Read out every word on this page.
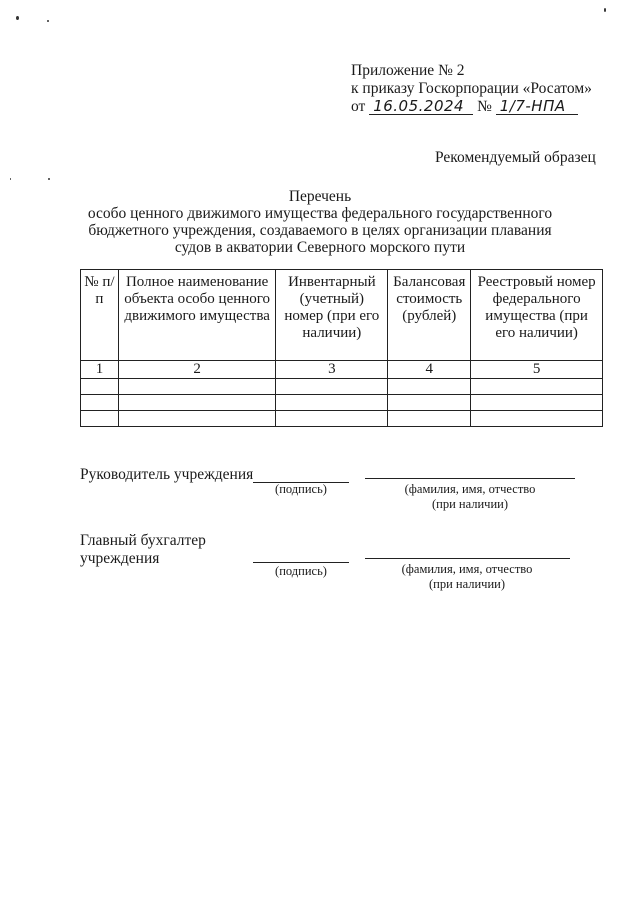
Приложение № 2
к приказу Госкорпорации «Росатом»
от 16.05.2024 № 1/7-НПА
Рекомендуемый образец
Перечень
особо ценного движимого имущества федерального государственного
бюджетного учреждения, создаваемого в целях организации плавания
судов в акватории Северного морского пути
№ п/п	Полное наименование объекта особо ценного движимого имущества	Инвентарный (учетный) номер (при его наличии)	Балансовая стоимость (рублей)	Реестровый номер федерального имущества (при его наличии)
1	2	3	4	5

Руководитель учреждения
(подпись)	(фамилия, имя, отчество
(при наличии)
Главный бухгалтер
учреждения
(подпись)	(фамилия, имя, отчество
(при наличии)
